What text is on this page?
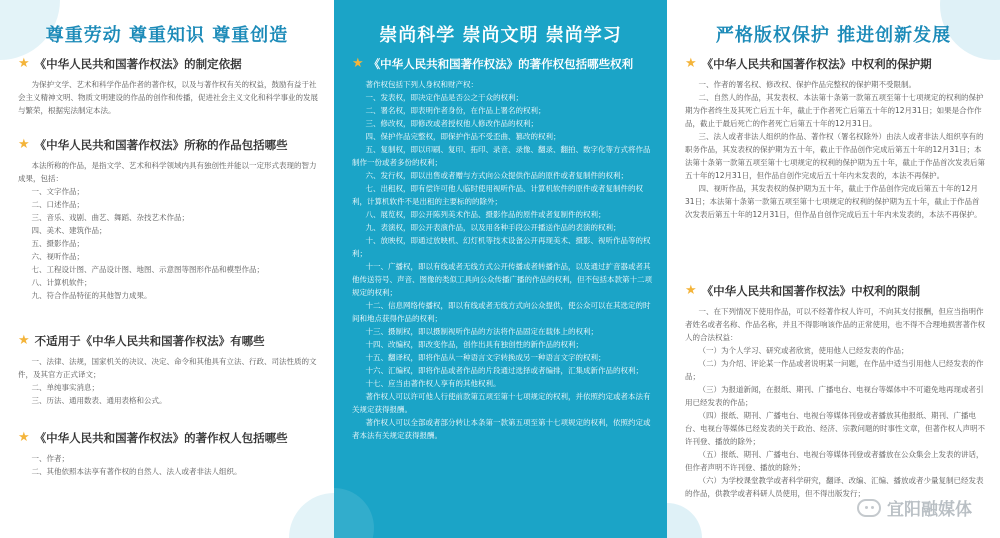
尊重劳动 尊重知识 尊重创造
★ 《中华人民共和国著作权法》的制定依据
为保护文学、艺术和科学作品作者的著作权，以及与著作权有关的权益，鼓励有益于社会主义精神文明、物质文明建设的作品的创作和传播，促进社会主义文化和科学事业的发展与繁荣，根据宪法制定本法。
★ 《中华人民共和国著作权法》所称的作品包括哪些
本法所称的作品，是指文学、艺术和科学领域内具有独创性并能以一定形式表现的智力成果，包括：
一、文字作品；
二、口述作品；
三、音乐、戏剧、曲艺、舞蹈、杂技艺术作品；
四、美术、建筑作品；
五、摄影作品；
六、视听作品；
七、工程设计图、产品设计图、地图、示意图等图形作品和模型作品；
八、计算机软件；
九、符合作品特征的其他智力成果。
★ 不适用于《中华人民共和国著作权法》有哪些
一、法律、法规，国家机关的决议、决定、命令和其他具有立法、行政、司法性质的文件，及其官方正式译文；
二、单纯事实消息；
三、历法、通用数表、通用表格和公式。
★ 《中华人民共和国著作权法》的著作权人包括哪些
一、作者；
二、其他依照本法享有著作权的自然人、法人或者非法人组织。
崇尚科学 崇尚文明 崇尚学习
★ 《中华人民共和国著作权法》的著作权包括哪些权利
著作权包括下列人身权和财产权：
一、发表权，即决定作品是否公之于众的权利；
二、署名权，即表明作者身份，在作品上署名的权利；
三、修改权，即修改或者授权他人修改作品的权利；
四、保护作品完整权，即保护作品不受歪曲、篡改的权利；
五、复制权，即以印刷、复印、拓印、录音、录像、翻录、翻拍、数字化等方式将作品制作一份或者多份的权利；
六、发行权，即以出售或者赠与方式向公众提供作品的原件或者复制件的权利；
七、出租权，即有偿许可他人临时使用视听作品、计算机软件的原件或者复制件的权利，计算机软件不是出租的主要标的的除外；
八、展览权，即公开陈列美术作品、摄影作品的原件或者复制件的权利；
九、表演权，即公开表演作品，以及用各种手段公开播送作品的表演的权利；
十、放映权，即通过放映机、幻灯机等技术设备公开再现美术、摄影、视听作品等的权利；
十一、广播权，即以有线或者无线方式公开传播或者转播作品，以及通过扩音器或者其他传送符号、声音、图像的类似工具向公众传播广播的作品的权利，但不包括本款第十二项规定的权利；
十二、信息网络传播权，即以有线或者无线方式向公众提供，使公众可以在其选定的时间和地点获得作品的权利；
十三、摄制权，即以摄制视听作品的方法将作品固定在载体上的权利；
十四、改编权，即改变作品，创作出具有独创性的新作品的权利；
十五、翻译权，即将作品从一种语言文字转换成另一种语言文字的权利；
十六、汇编权，即将作品或者作品的片段通过选择或者编排，汇集成新作品的权利；
十七、应当由著作权人享有的其他权利。
著作权人可以许可他人行使前款第五项至第十七项规定的权利，并依照约定或者本法有关规定获得报酬。
著作权人可以全部或者部分转让本条第一款第五项至第十七项规定的权利，依照约定或者本法有关规定获得报酬。
严格版权保护 推进创新发展
★ 《中华人民共和国著作权法》中权利的保护期
一、作者的署名权、修改权、保护作品完整权的保护期不受限制。
二、自然人的作品，其发表权、本法第十条第一款第五项至第十七项规定的权利的保护期为作者终生及其死亡后五十年，截止于作者死亡后第五十年的12月31日；如果是合作作品，截止于最后死亡的作者死亡后第五十年的12月31日。
三、法人或者非法人组织的作品、著作权（署名权除外）由法人或者非法人组织享有的职务作品，其发表权的保护期为五十年，截止于作品创作完成后第五十年的12月31日；本法第十条第一款第五项至第十七项规定的权利的保护期为五十年，截止于作品首次发表后第五十年的12月31日，但作品自创作完成后五十年内未发表的，本法不再保护。
四、视听作品，其发表权的保护期为五十年，截止于作品创作完成后第五十年的12月31日；本法第十条第一款第五项至第十七项规定的权利的保护期为五十年，截止于作品首次发表后第五十年的12月31日，但作品自创作完成后五十年内未发表的，本法不再保护。
★ 《中华人民共和国著作权法》中权利的限制
一、在下列情况下使用作品，可以不经著作权人许可，不向其支付报酬，但应当指明作者姓名或者名称、作品名称，并且不得影响该作品的正常使用，也不得不合理地损害著作权人的合法权益：
（一）为个人学习、研究或者欣赏，使用他人已经发表的作品；
（二）为介绍、评论某一作品或者说明某一问题，在作品中适当引用他人已经发表的作品；
（三）为报道新闻，在报纸、期刊、广播电台、电视台等媒体中不可避免地再现或者引用已经发表的作品；
（四）报纸、期刊、广播电台、电视台等媒体刊登或者播放其他报纸、期刊、广播电台、电视台等媒体已经发表的关于政治、经济、宗教问题的时事性文章，但著作权人声明不许刊登、播放的除外；
（五）报纸、期刊、广播电台、电视台等媒体刊登或者播放在公众集会上发表的讲话，但作者声明不许刊登、播放的除外；
（六）为学校课堂教学或者科学研究，翻译、改编、汇编、播放或者少量复制已经发表的作品，供教学或者科研人员使用，但不得出版发行；
宜阳融媒体
